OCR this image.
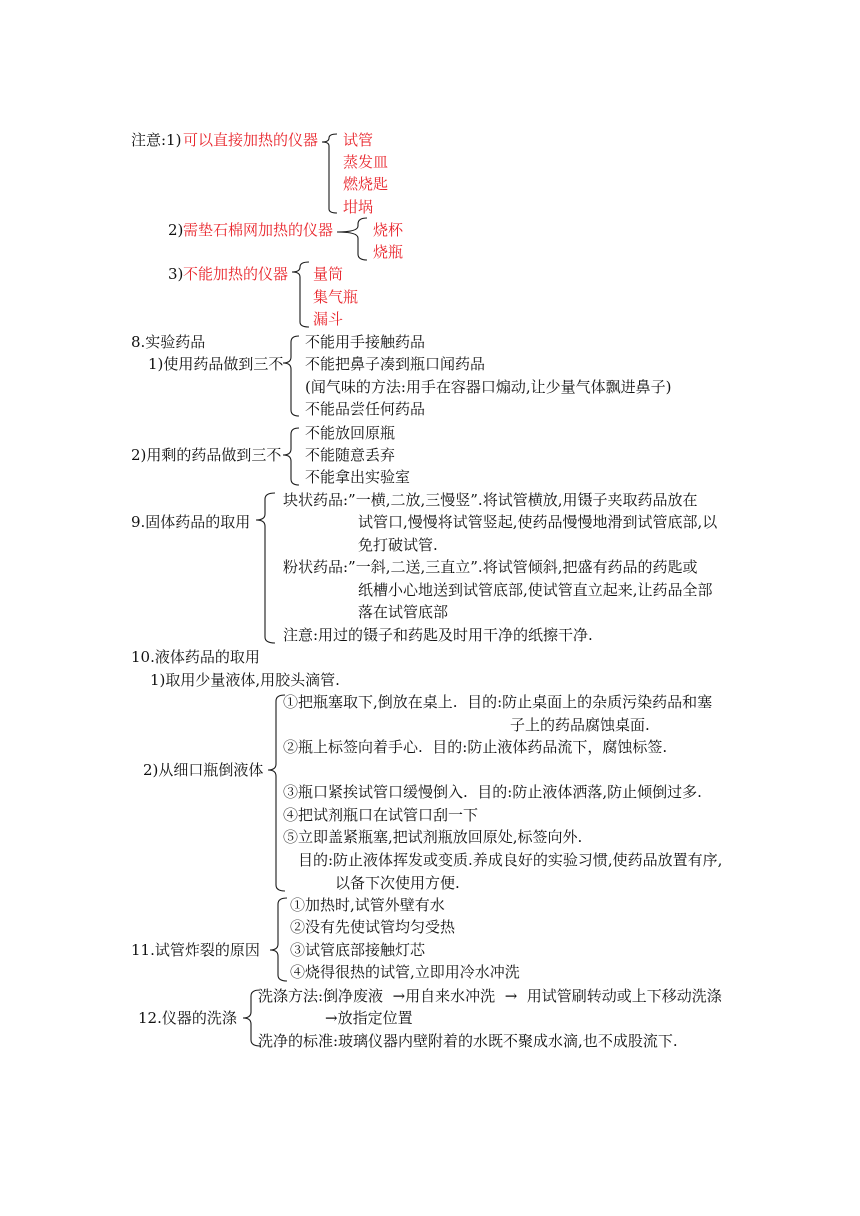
注意:1) 可以直接加热的仪器 试管
蒸发皿
燃烧匙
坩埚
2) 需垫石棉网加热的仪器	烧杯
烧瓶
3) 不能加热的仪器 量筒
集气瓶
漏斗
8.实验药品
1)使用药品做到三不
不能用手接触药品
不能把鼻子凑到瓶口闻药品
(闻气味的方法:用手在容器口煽动,让少量气体飘进鼻子)
不能品尝任何药品
2)用剩的药品做到三不
不能放回原瓶
不能随意丢弃
不能拿出实验室
9.固体药品的取用
块状药品:”一横,二放,三慢竖”.将试管横放,用镊子夹取药品放在
试管口,慢慢将试管竖起,使药品慢慢地滑到试管底部,以
免打破试管.
粉状药品:”一斜,二送,三直立”.将试管倾斜,把盛有药品的药匙或
纸槽小心地送到试管底部,使试管直立起来,让药品全部
落在试管底部
注意:用过的镊子和药匙及时用干净的纸擦干净.
10.液体药品的取用
1)取用少量液体,用胶头滴管.
2)从细口瓶倒液体
①把瓶塞取下,倒放在桌上.  目的:防止桌面上的杂质污染药品和塞
子上的药品腐蚀桌面.
②瓶上标签向着手心.  目的:防止液体药品流下，腐蚀标签.
③瓶口紧挨试管口缓慢倒入.  目的:防止液体洒落,防止倾倒过多.
④把试剂瓶口在试管口刮一下
⑤立即盖紧瓶塞,把试剂瓶放回原处,标签向外.
目的:防止液体挥发或变质.养成良好的实验习惯,使药品放置有序,
以备下次使用方便.
11.试管炸裂的原因
①加热时,试管外壁有水
②没有先使试管均匀受热
③试管底部接触灯芯
④烧得很热的试管,立即用冷水冲洗
12.仪器的洗涤
洗涤方法:倒净废液  →用自来水冲洗  →  用试管刷转动或上下移动洗涤
→放指定位置
洗净的标准:玻璃仪器内壁附着的水既不聚成水滴,也不成股流下.
